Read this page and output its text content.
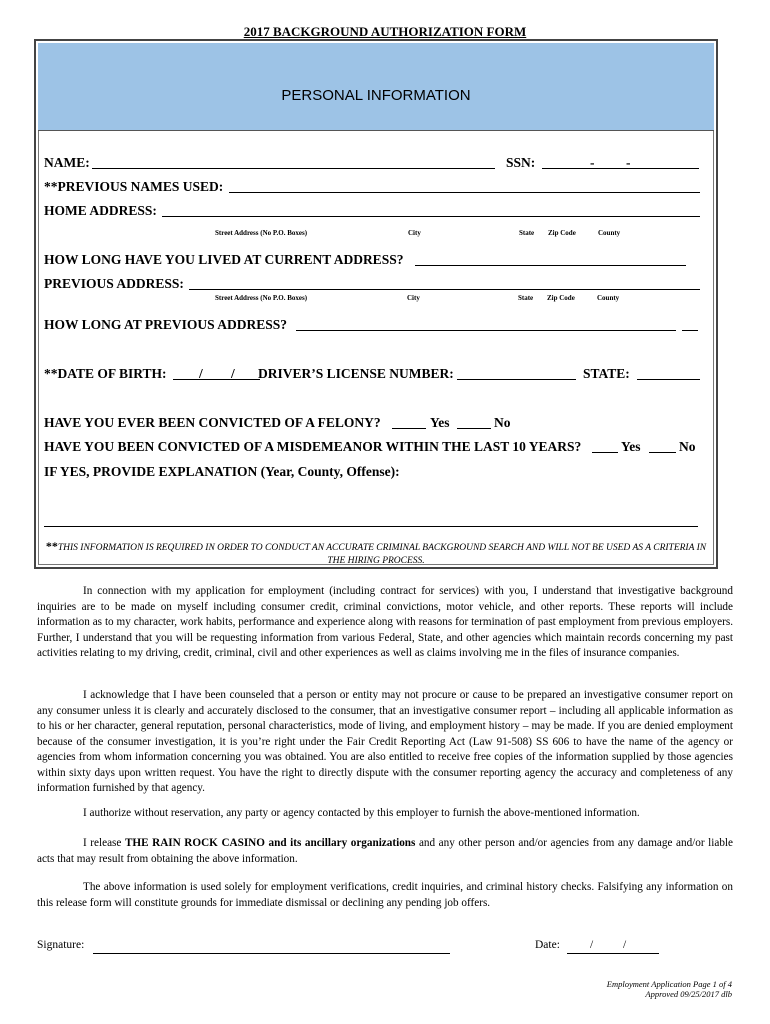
2017 BACKGROUND AUTHORIZATION FORM
PERSONAL INFORMATION
NAME:	SSN:	- -
**PREVIOUS NAMES USED:
HOME ADDRESS:
Street Address (No P.O. Boxes)	City	State Zip Code	County
HOW LONG HAVE YOU LIVED AT CURRENT ADDRESS?
PREVIOUS ADDRESS:
Street Address (No P.O. Boxes)	City	State Zip Code	County
HOW LONG AT PREVIOUS ADDRESS?
**DATE OF BIRTH: / / DRIVER’S LICENSE NUMBER:	STATE:
HAVE YOU EVER BEEN CONVICTED OF A FELONY?	Yes	No
HAVE YOU BEEN CONVICTED OF A MISDEMEANOR WITHIN THE LAST 10 YEARS?	Yes	No
IF YES, PROVIDE EXPLANATION (Year, County, Offense):
**THIS INFORMATION IS REQUIRED IN ORDER TO CONDUCT AN ACCURATE CRIMINAL BACKGROUND SEARCH AND WILL NOT BE USED AS A CRITERIA IN THE HIRING PROCESS.
In connection with my application for employment (including contract for services) with you, I understand that investigative background inquiries are to be made on myself including consumer credit, criminal convictions, motor vehicle, and other reports. These reports will include information as to my character, work habits, performance and experience along with reasons for termination of past employment from previous employers. Further, I understand that you will be requesting information from various Federal, State, and other agencies which maintain records concerning my past activities relating to my driving, credit, criminal, civil and other experiences as well as claims involving me in the files of insurance companies.
I acknowledge that I have been counseled that a person or entity may not procure or cause to be prepared an investigative consumer report on any consumer unless it is clearly and accurately disclosed to the consumer, that an investigative consumer report – including all applicable information as to his or her character, general reputation, personal characteristics, mode of living, and employment history – may be made. If you are denied employment because of the consumer investigation, it is you’re right under the Fair Credit Reporting Act (Law 91-508) SS 606 to have the name of the agency or agencies from whom information concerning you was obtained. You are also entitled to receive free copies of the information supplied by those agencies within sixty days upon written request. You have the right to directly dispute with the consumer reporting agency the accuracy and completeness of any information furnished by that agency.
I authorize without reservation, any party or agency contacted by this employer to furnish the above-mentioned information.
I release THE RAIN ROCK CASINO and its ancillary organizations and any other person and/or agencies from any damage and/or liable acts that may result from obtaining the above information.
The above information is used solely for employment verifications, credit inquiries, and criminal history checks. Falsifying any information on this release form will constitute grounds for immediate dismissal or declining any pending job offers.
Signature:	Date:	/	/
Employment Application Page 1 of 4
Approved 09/25/2017 dlb
